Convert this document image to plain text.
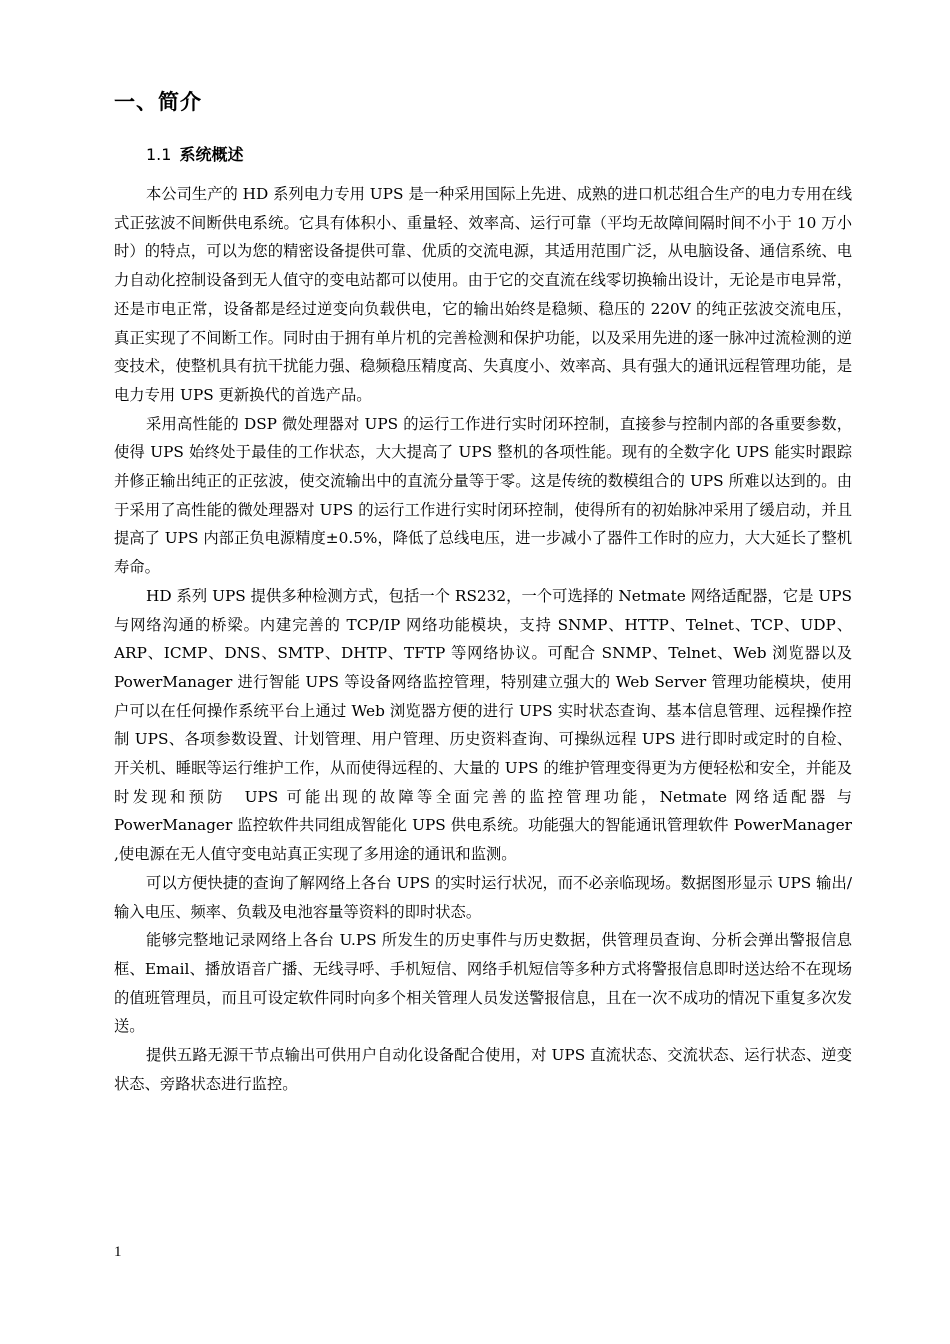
一、简介
1.1 系统概述

本公司生产的 HD 系列电力专用 UPS 是一种采用国际上先进、成熟的进口机芯组合生产的电力专用在线式正弦波不间断供电系统。它具有体积小、重量轻、效率高、运行可靠（平均无故障间隔时间不小于 10 万小时）的特点，可以为您的精密设备提供可靠、优质的交流电源，其适用范围广泛，从电脑设备、通信系统、电力自动化控制设备到无人值守的变电站都可以使用。由于它的交直流在线零切换输出设计，无论是市电异常，还是市电正常，设备都是经过逆变向负载供电，它的输出始终是稳频、稳压的 220V 的纯正弦波交流电压，真正实现了不间断工作。同时由于拥有单片机的完善检测和保护功能，以及采用先进的逐一脉冲过流检测的逆变技术，使整机具有抗干扰能力强、稳频稳压精度高、失真度小、效率高、具有强大的通讯远程管理功能，是电力专用 UPS 更新换代的首选产品。

采用高性能的 DSP 微处理器对 UPS 的运行工作进行实时闭环控制，直接参与控制内部的各重要参数，使得 UPS 始终处于最佳的工作状态，大大提高了 UPS 整机的各项性能。现有的全数字化 UPS 能实时跟踪并修正输出纯正的正弦波，使交流输出中的直流分量等于零。这是传统的数模组合的 UPS 所难以达到的。由于采用了高性能的微处理器对 UPS 的运行工作进行实时闭环控制，使得所有的初始脉冲采用了缓启动，并且提高了 UPS 内部正负电源精度±0.5%，降低了总线电压，进一步减小了器件工作时的应力，大大延长了整机寿命。

HD 系列 UPS 提供多种检测方式，包括一个 RS232，一个可选择的 Netmate 网络适配器，它是 UPS 与网络沟通的桥梁。内建完善的 TCP/IP 网络功能模块，支持 SNMP、HTTP、Telnet、TCP、UDP、ARP、ICMP、DNS、SMTP、DHTP、TFTP 等网络协议。可配合 SNMP、Telnet、Web 浏览器以及 PowerManager 进行智能 UPS 等设备网络监控管理，特别建立强大的 Web Server 管理功能模块，使用户可以在任何操作系统平台上通过 Web 浏览器方便的进行 UPS 实时状态查询、基本信息管理、远程操作控制 UPS、各项参数设置、计划管理、用户管理、历史资料查询、可操纵远程 UPS 进行即时或定时的自检、开关机、睡眠等运行维护工作，从而使得远程的、大量的 UPS 的维护管理变得更为方便轻松和安全，并能及时发现和预防　UPS 可能出现的故障等全面完善的监控管理功能，Netmate 网络适配器 与 PowerManager 监控软件共同组成智能化 UPS 供电系统。功能强大的智能通讯管理软件 PowerManager ,使电源在无人值守变电站真正实现了多用途的通讯和监测。

可以方便快捷的查询了解网络上各台 UPS 的实时运行状况，而不必亲临现场。数据图形显示 UPS 输出/输入电压、频率、负载及电池容量等资料的即时状态。

能够完整地记录网络上各台 U.PS 所发生的历史事件与历史数据，供管理员查询、分析会弹出警报信息框、Email、播放语音广播、无线寻呼、手机短信、网络手机短信等多种方式将警报信息即时送达给不在现场的值班管理员，而且可设定软件同时向多个相关管理人员发送警报信息，且在一次不成功的情况下重复多次发送。

提供五路无源干节点输出可供用户自动化设备配合使用，对 UPS 直流状态、交流状态、运行状态、逆变状态、旁路状态进行监控。

1
